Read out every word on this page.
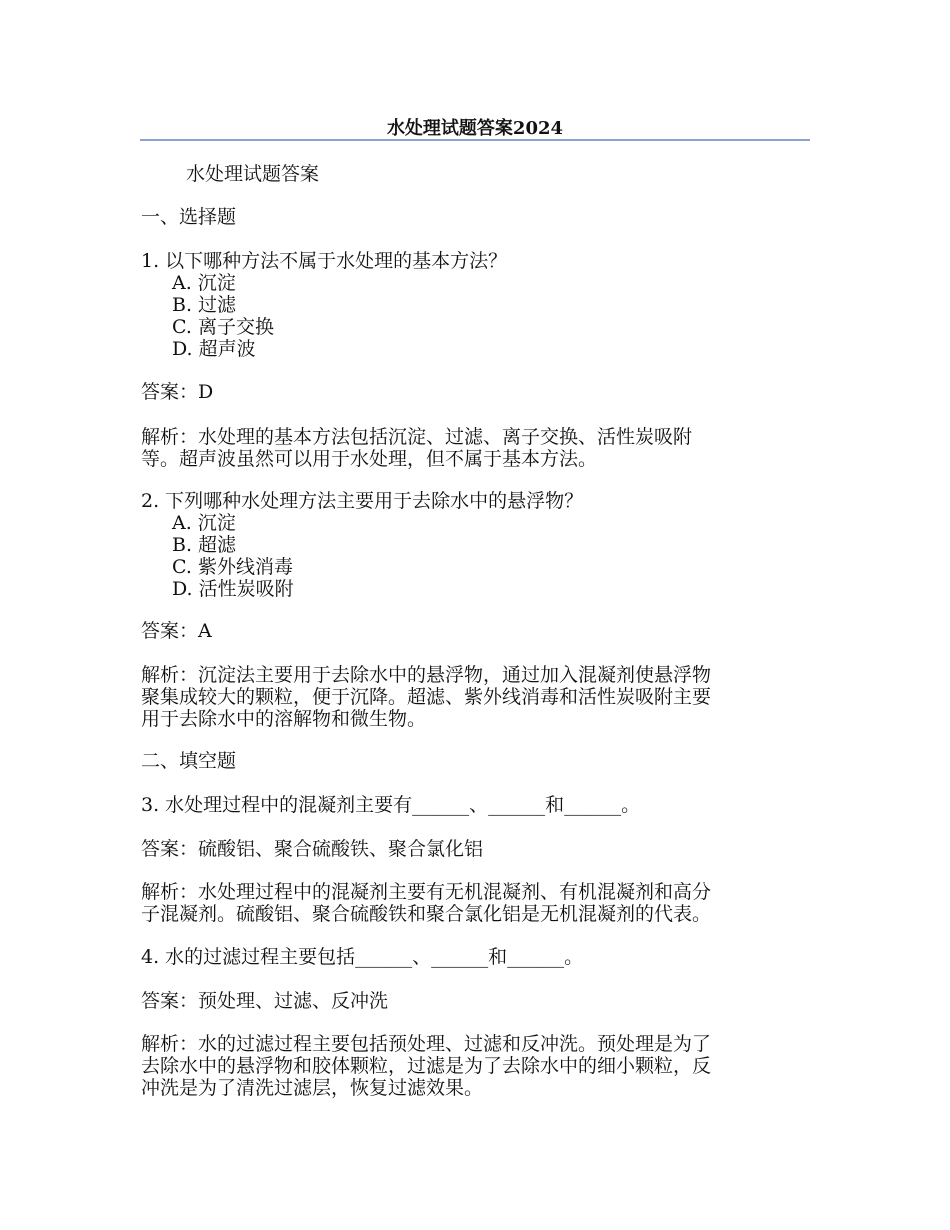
水处理试题答案2024
水处理试题答案
一、选择题
1. 以下哪种方法不属于水处理的基本方法？
A. 沉淀
B. 过滤
C. 离子交换
D. 超声波
答案：D
解析：水处理的基本方法包括沉淀、过滤、离子交换、活性炭吸附
等。超声波虽然可以用于水处理，但不属于基本方法。
2. 下列哪种水处理方法主要用于去除水中的悬浮物？
A. 沉淀
B. 超滤
C. 紫外线消毒
D. 活性炭吸附
答案：A
解析：沉淀法主要用于去除水中的悬浮物，通过加入混凝剂使悬浮物
聚集成较大的颗粒，便于沉降。超滤、紫外线消毒和活性炭吸附主要
用于去除水中的溶解物和微生物。
二、填空题
3. 水处理过程中的混凝剂主要有______、______和______。
答案：硫酸铝、聚合硫酸铁、聚合氯化铝
解析：水处理过程中的混凝剂主要有无机混凝剂、有机混凝剂和高分
子混凝剂。硫酸铝、聚合硫酸铁和聚合氯化铝是无机混凝剂的代表。
4. 水的过滤过程主要包括______、______和______。
答案：预处理、过滤、反冲洗
解析：水的过滤过程主要包括预处理、过滤和反冲洗。预处理是为了
去除水中的悬浮物和胶体颗粒，过滤是为了去除水中的细小颗粒，反
冲洗是为了清洗过滤层，恢复过滤效果。
